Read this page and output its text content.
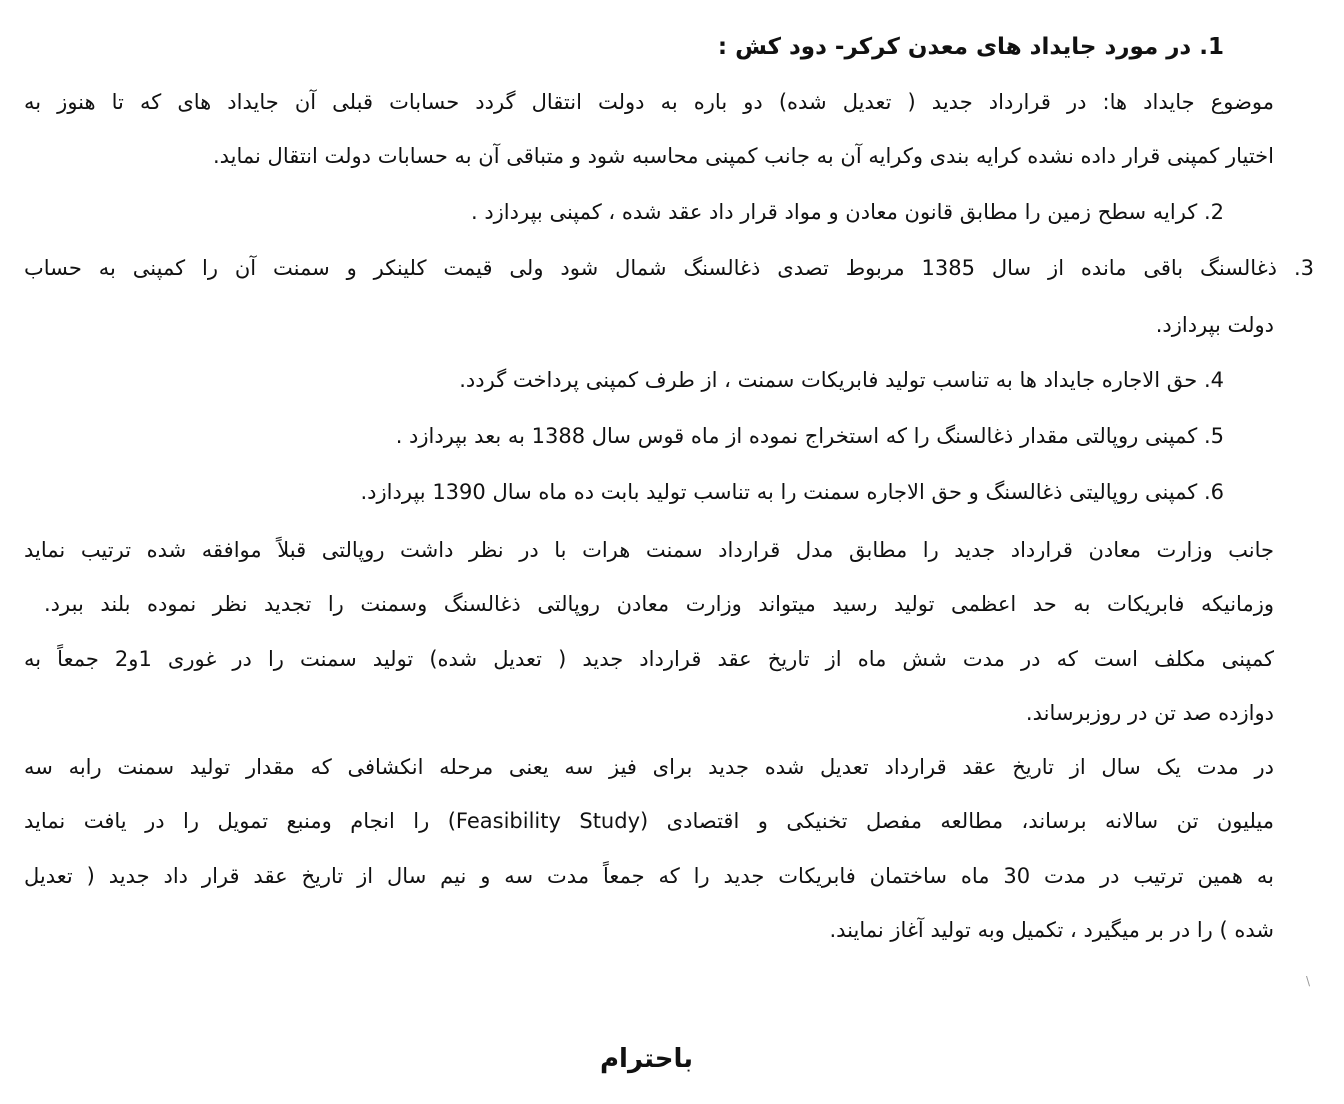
1. در مورد جایداد های معدن کرکر- دود کش :
موضوع جایداد ها: در قرارداد جدید ( تعدیل شده) دو باره به دولت انتقال گردد حسابات قبلی آن جایداد های که تا هنوز به
اختیار کمپنی قرار داده نشده کرایه بندی وکرایه آن به جانب کمپنی محاسبه شود و متباقی آن به حسابات دولت انتقال نماید.
2. کرایه سطح زمین را مطابق قانون معادن و مواد قرار داد عقد شده ، کمپنی بپردازد .
3. ذغالسنگ باقی مانده از سال 1385 مربوط تصدی ذغالسنگ شمال شود ولی قیمت کلینکر و سمنت آن را کمپنی به حساب
دولت بپردازد.
4. حق الاجاره جایداد ها به تناسب تولید فابریکات سمنت ، از طرف کمپنی پرداخت گردد.
5. کمپنی روپالتی مقدار ذغالسنگ را که استخراج نموده از ماه قوس سال 1388 به بعد بپردازد .
6. کمپنی روپالیتی ذغالسنگ و حق الاجاره سمنت را به تناسب تولید بابت ده ماه سال 1390 بپردازد.
جانب وزارت معادن قرارداد جدید را مطابق مدل قرارداد سمنت هرات با در نظر داشت روپالتی قبلاً موافقه شده ترتیب نماید
وزمانیکه فابریکات به حد اعظمی تولید رسید میتواند وزارت معادن روپالتی ذغالسنگ وسمنت را تجدید نظر نموده بلند ببرد.
کمپنی مکلف است که در مدت شش ماه از تاریخ عقد قرارداد جدید ( تعدیل شده) تولید سمنت را در غوری 1و2 جمعاً به
دوازده صد تن در روزبرساند.
در مدت یک سال از تاریخ عقد قرارداد تعدیل شده جدید برای فیز سه یعنی مرحله انکشافی که مقدار تولید سمنت رابه سه
میلیون تن سالانه برساند، مطالعه مفصل تخنیکی و اقتصادی (Feasibility Study) را انجام ومنبع تمویل را در یافت نماید
به همین ترتیب در مدت 30 ماه ساختمان فابریکات جدید را که جمعاً مدت سه و نیم سال از تاریخ عقد قرار داد جدید ( تعدیل
شده ) را در بر میگیرد ، تکمیل وبه تولید آغاز نمایند.
باحترام
\
